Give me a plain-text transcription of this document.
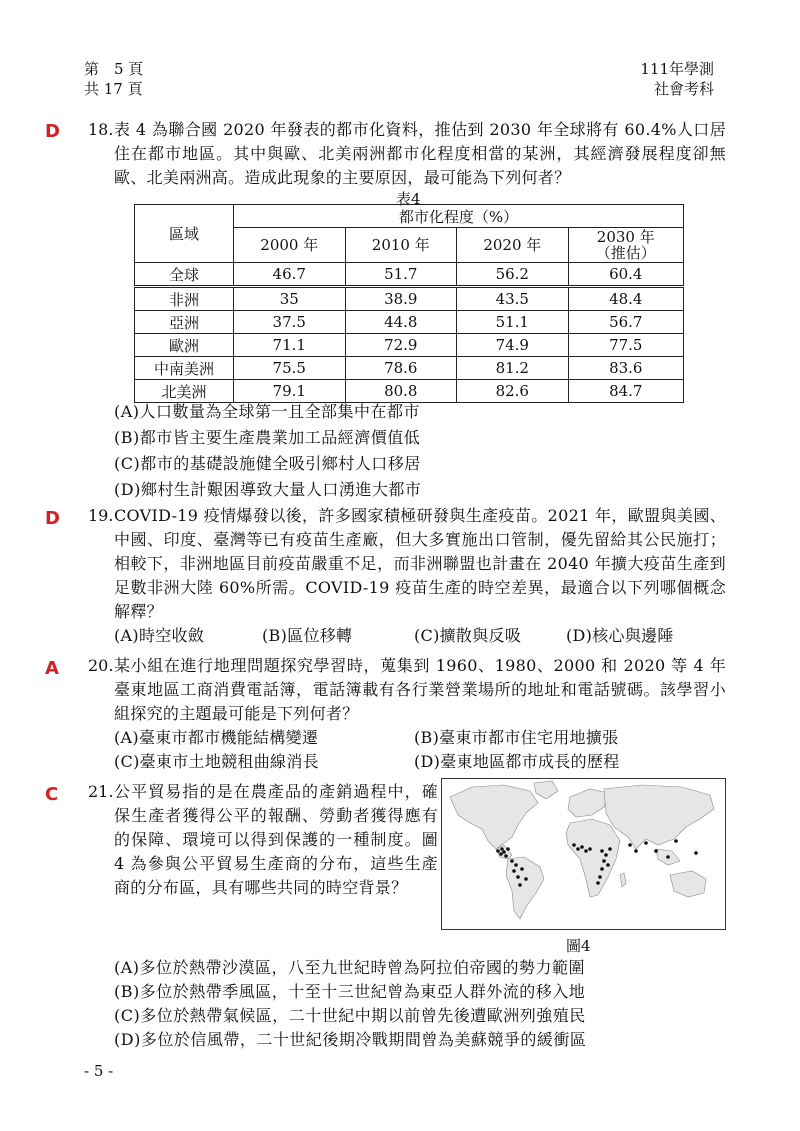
第　5 頁
共 17 頁
111年學測
社會考科
D 18. 表 4 為聯合國 2020 年發表的都市化資料，推估到 2030 年全球將有 60.4%人口居住在都市地區。其中與歐、北美兩洲都市化程度相當的某洲，其經濟發展程度卻無歐、北美兩洲高。造成此現象的主要原因，最可能為下列何者？
表4
區域	都市化程度（%）			
	2000 年	2010 年	2020 年	2030 年
（推估）

全球	46.7	51.7	56.2	60.4
非洲	35	38.9	43.5	48.4
亞洲	37.5	44.8	51.1	56.7
歐洲	71.1	72.9	74.9	77.5
中南美洲	75.5	78.6	81.2	83.6
北美洲	79.1	80.8	82.6	84.7
(A)人口數量為全球第一且全部集中在都市
(B)都市皆主要生產農業加工品經濟價值低
(C)都市的基礎設施健全吸引鄉村人口移居
(D)鄉村生計艱困導致大量人口湧進大都市
D 19. COVID-19 疫情爆發以後，許多國家積極研發與生產疫苗。2021 年，歐盟與美國、中國、印度、臺灣等已有疫苗生產廠，但大多實施出口管制，優先留給其公民施打；相較下，非洲地區目前疫苗嚴重不足，而非洲聯盟也計畫在 2040 年擴大疫苗生產到足數非洲大陸 60%所需。COVID-19 疫苗生產的時空差異，最適合以下列哪個概念解釋？
(A)時空收斂	(B)區位移轉	(C)擴散與反吸	(D)核心與邊陲
A 20. 某小組在進行地理問題探究學習時，蒐集到 1960、1980、2000 和 2020 等 4 年臺東地區工商消費電話簿，電話簿載有各行業營業場所的地址和電話號碼。該學習小組探究的主題最可能是下列何者？
(A)臺東市都市機能結構變遷	(B)臺東市都市住宅用地擴張
(C)臺東市土地競租曲線消長	(D)臺東地區都市成長的歷程
C 21. 公平貿易指的是在農產品的產銷過程中，確保生產者獲得公平的報酬、勞動者獲得應有的保障、環境可以得到保護的一種制度。圖 4 為參與公平貿易生產商的分布，這些生產商的分布區，具有哪些共同的時空背景？
圖4
(A)多位於熱帶沙漠區，八至九世紀時曾為阿拉伯帝國的勢力範圍
(B)多位於熱帶季風區，十至十三世紀曾為東亞人群外流的移入地
(C)多位於熱帶氣候區，二十世紀中期以前曾先後遭歐洲列強殖民
(D)多位於信風帶，二十世紀後期冷戰期間曾為美蘇競爭的緩衝區
- 5 -
